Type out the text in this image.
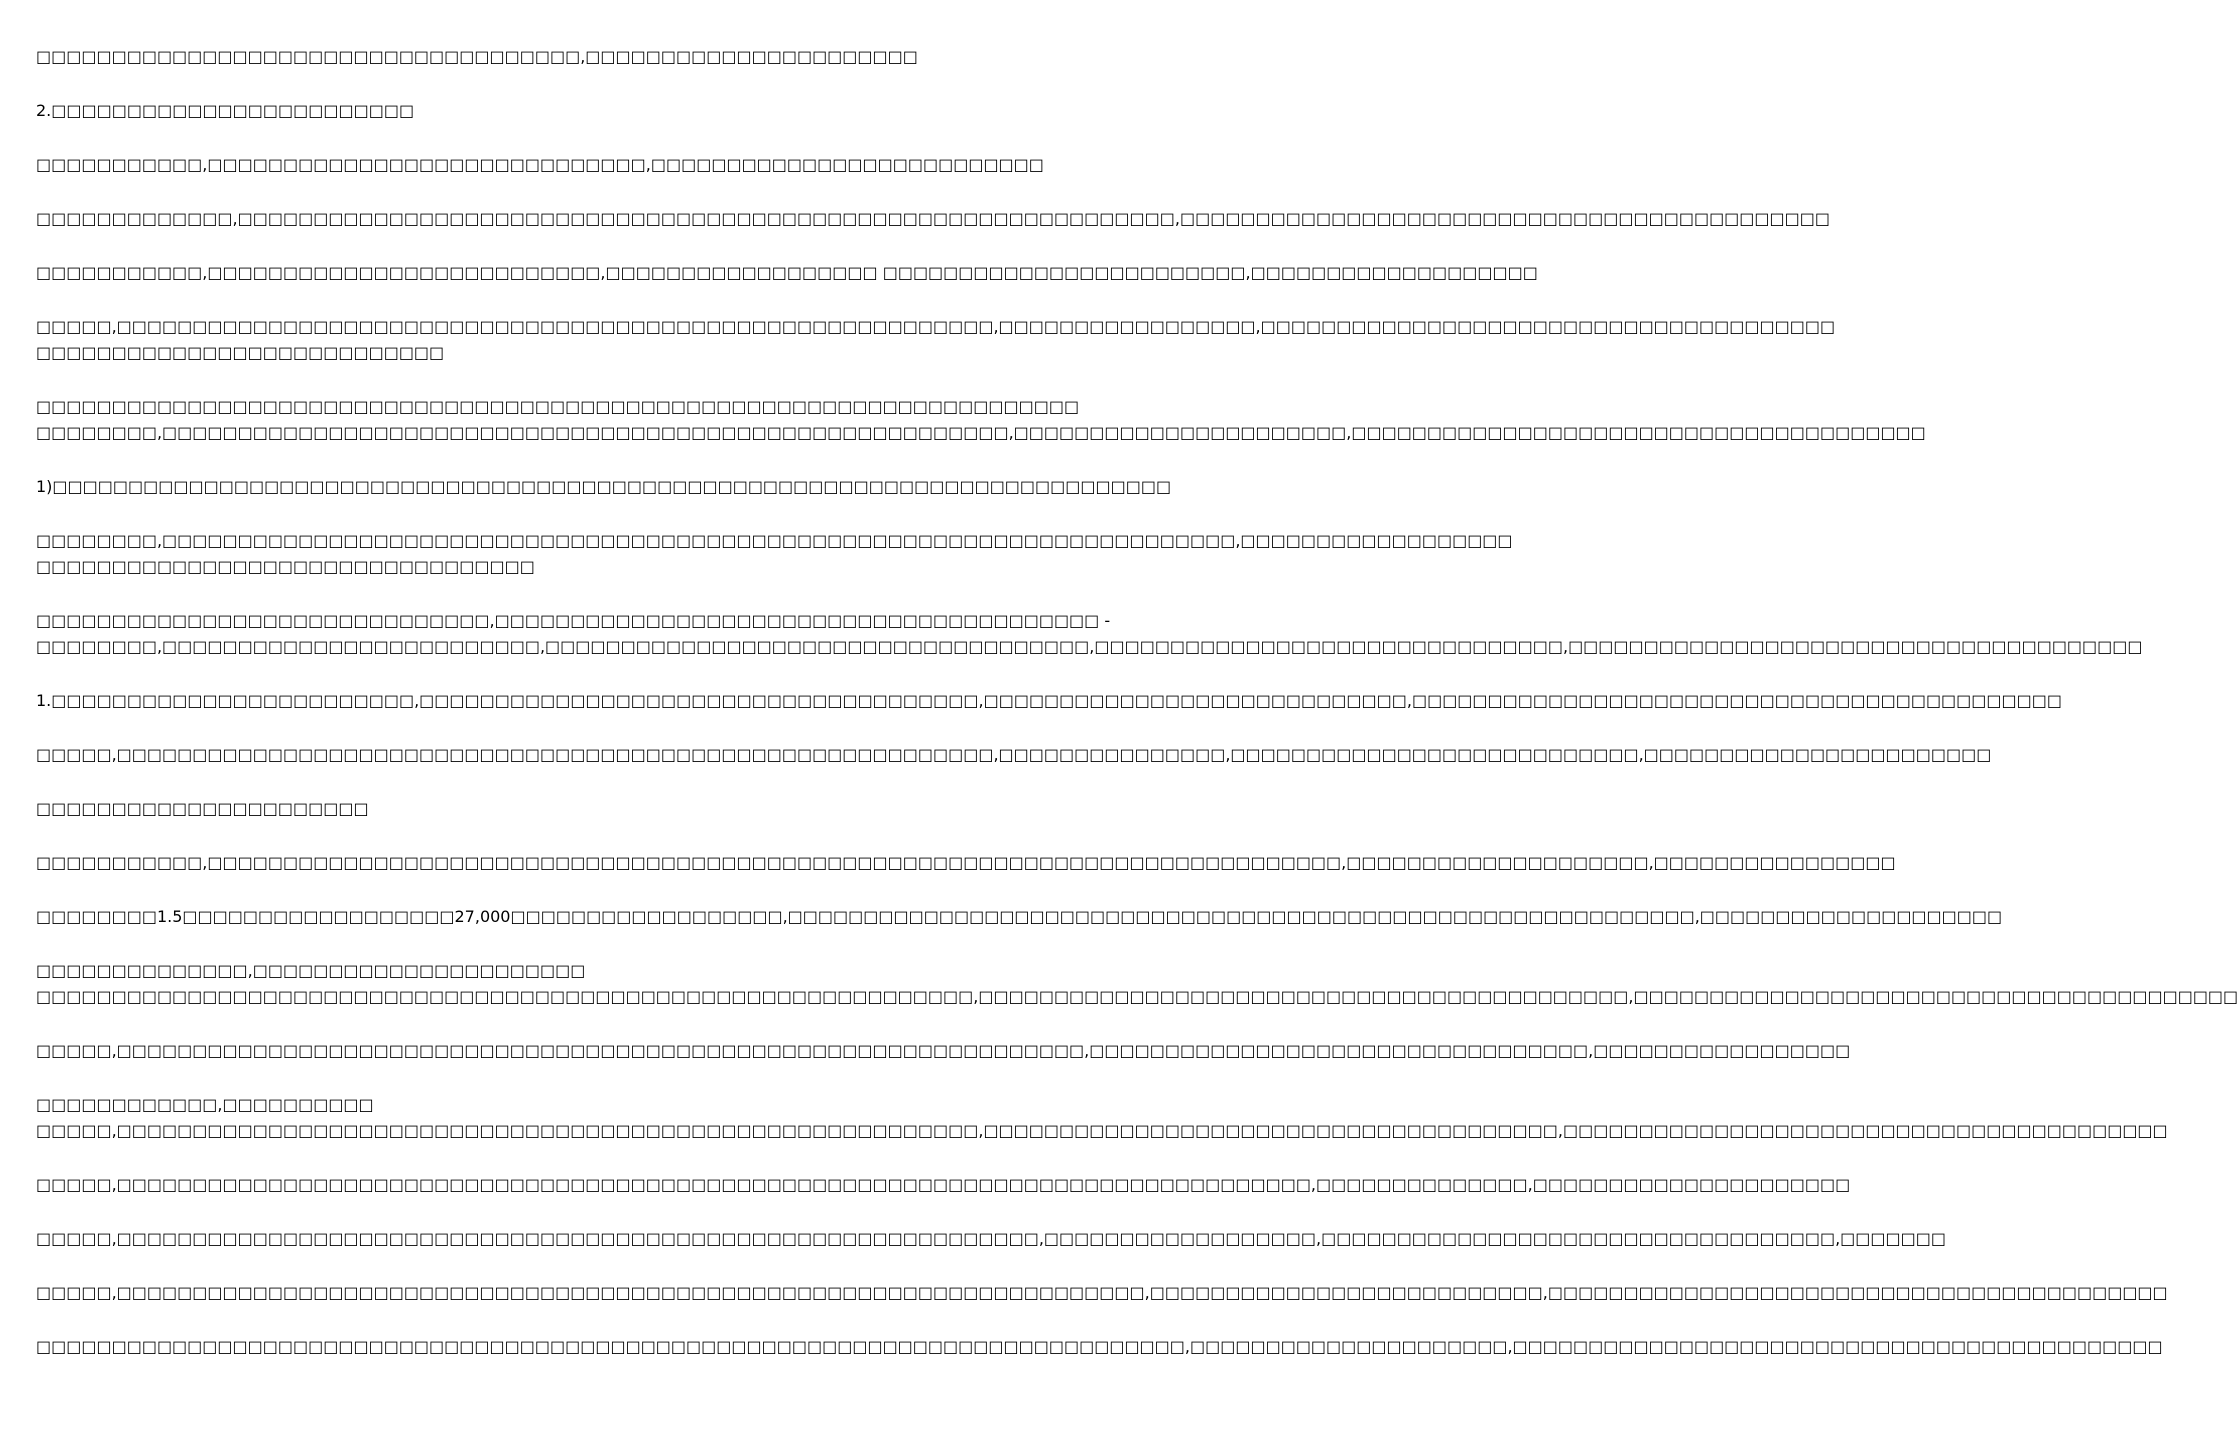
□□□□□□□□□□□□□□□□□□□□□□□□□□□□□□□□□□□□,□□□□□□□□□□□□□□□□□□□□□□
2.□□□□□□□□□□□□□□□□□□□□□□□□
□□□□□□□□□□□,□□□□□□□□□□□□□□□□□□□□□□□□□□□□□,□□□□□□□□□□□□□□□□□□□□□□□□□□
□□□□□□□□□□□□□,□□□□□□□□□□□□□□□□□□□□□□□□□□□□□□□□□□□□□□□□□□□□□□□□□□□□□□□□□□□□□□,□□□□□□□□□□□□□□□□□□□□□□□□□□□□□□□□□□□□□□□□□□□
□□□□□□□□□□□,□□□□□□□□□□□□□□□□□□□□□□□□□□,□□□□□□□□□□□□□□□□□□ □□□□□□□□□□□□□□□□□□□□□□□□,□□□□□□□□□□□□□□□□□□□
□□□□□,□□□□□□□□□□□□□□□□□□□□□□□□□□□□□□□□□□□□□□□□□□□□□□□□□□□□□□□□□□,□□□□□□□□□□□□□□□□□,□□□□□□□□□□□□□□□□□□□□□□□□□□□□□□□□□□□□□□
□□□□□□□□□□□□□□□□□□□□□□□□□□□
□□□□□□□□□□□□□□□□□□□□□□□□□□□□□□□□□□□□□□□□□□□□□□□□□□□□□□□□□□□□□□□□□□□□□
□□□□□□□□,□□□□□□□□□□□□□□□□□□□□□□□□□□□□□□□□□□□□□□□□□□□□□□□□□□□□□□□□,□□□□□□□□□□□□□□□□□□□□□□,□□□□□□□□□□□□□□□□□□□□□□□□□□□□□□□□□□□□□□
1)□□□□□□□□□□□□□□□□□□□□□□□□□□□□□□□□□□□□□□□□□□□□□□□□□□□□□□□□□□□□□□□□□□□□□□□□□□
□□□□□□□□,□□□□□□□□□□□□□□□□□□□□□□□□□□□□□□□□□□□□□□□□□□□□□□□□□□□□□□□□□□□□□□□□□□□□□□□,□□□□□□□□□□□□□□□□□□
□□□□□□□□□□□□□□□□□□□□□□□□□□□□□□□□□
□□□□□□□□□□□□□□□□□□□□□□□□□□□□□□,□□□□□□□□□□□□□□□□□□□□□□□□□□□□□□□□□□□□□□□□ -
□□□□□□□□,□□□□□□□□□□□□□□□□□□□□□□□□□,□□□□□□□□□□□□□□□□□□□□□□□□□□□□□□□□□□□□,□□□□□□□□□□□□□□□□□□□□□□□□□□□□□□□,□□□□□□□□□□□□□□□□□□□□□□□□□□□□□□□□□□□□□□
1.□□□□□□□□□□□□□□□□□□□□□□□□,□□□□□□□□□□□□□□□□□□□□□□□□□□□□□□□□□□□□□,□□□□□□□□□□□□□□□□□□□□□□□□□□□□,□□□□□□□□□□□□□□□□□□□□□□□□□□□□□□□□□□□□□□□□□□□
□□□□□,□□□□□□□□□□□□□□□□□□□□□□□□□□□□□□□□□□□□□□□□□□□□□□□□□□□□□□□□□□,□□□□□□□□□□□□□□□,□□□□□□□□□□□□□□□□□□□□□□□□□□□,□□□□□□□□□□□□□□□□□□□□□□□
□□□□□□□□□□□□□□□□□□□□□□
□□□□□□□□□□□,□□□□□□□□□□□□□□□□□□□□□□□□□□□□□□□□□□□□□□□□□□□□□□□□□□□□□□□□□□□□□□□□□□□□□□□□□□□,□□□□□□□□□□□□□□□□□□□□,□□□□□□□□□□□□□□□□
□□□□□□□□1.5□□□□□□□□□□□□□□□□□□27,000□□□□□□□□□□□□□□□□□□,□□□□□□□□□□□□□□□□□□□□□□□□□□□□□□□□□□□□□□□□□□□□□□□□□□□□□□□□□□□□,□□□□□□□□□□□□□□□□□□□□
□□□□□□□□□□□□□□,□□□□□□□□□□□□□□□□□□□□□□
□□□□□□□□□□□□□□□□□□□□□□□□□□□□□□□□□□□□□□□□□□□□□□□□□□□□□□□□□□□□□□,□□□□□□□□□□□□□□□□□□□□□□□□□□□□□□□□□□□□□□□□□□□,□□□□□□□□□□□□□□□□□□□□□□□□□□□□□□□□□□□□□□□□
□□□□□,□□□□□□□□□□□□□□□□□□□□□□□□□□□□□□□□□□□□□□□□□□□□□□□□□□□□□□□□□□□□□□□□,□□□□□□□□□□□□□□□□□□□□□□□□□□□□□□□□□,□□□□□□□□□□□□□□□□□
□□□□□□□□□□□□,□□□□□□□□□□
□□□□□,□□□□□□□□□□□□□□□□□□□□□□□□□□□□□□□□□□□□□□□□□□□□□□□□□□□□□□□□□,□□□□□□□□□□□□□□□□□□□□□□□□□□□□□□□□□□□□□□,□□□□□□□□□□□□□□□□□□□□□□□□□□□□□□□□□□□□□□□□
□□□□□,□□□□□□□□□□□□□□□□□□□□□□□□□□□□□□□□□□□□□□□□□□□□□□□□□□□□□□□□□□□□□□□□□□□□□□□□□□□□□□□,□□□□□□□□□□□□□□,□□□□□□□□□□□□□□□□□□□□□
□□□□□,□□□□□□□□□□□□□□□□□□□□□□□□□□□□□□□□□□□□□□□□□□□□□□□□□□□□□□□□□□□□□,□□□□□□□□□□□□□□□□□□,□□□□□□□□□□□□□□□□□□□□□□□□□□□□□□□□□□,□□□□□□□
□□□□□,□□□□□□□□□□□□□□□□□□□□□□□□□□□□□□□□□□□□□□□□□□□□□□□□□□□□□□□□□□□□□□□□□□□□,□□□□□□□□□□□□□□□□□□□□□□□□□□,□□□□□□□□□□□□□□□□□□□□□□□□□□□□□□□□□□□□□□□□□
□□□□□□□□□□□□□□□□□□□□□□□□□□□□□□□□□□□□□□□□□□□□□□□□□□□□□□□□□□□□□□□□□□□□□□□□□□□□,□□□□□□□□□□□□□□□□□□□□□,□□□□□□□□□□□□□□□□□□□□□□□□□□□□□□□□□□□□□□□□□□□
